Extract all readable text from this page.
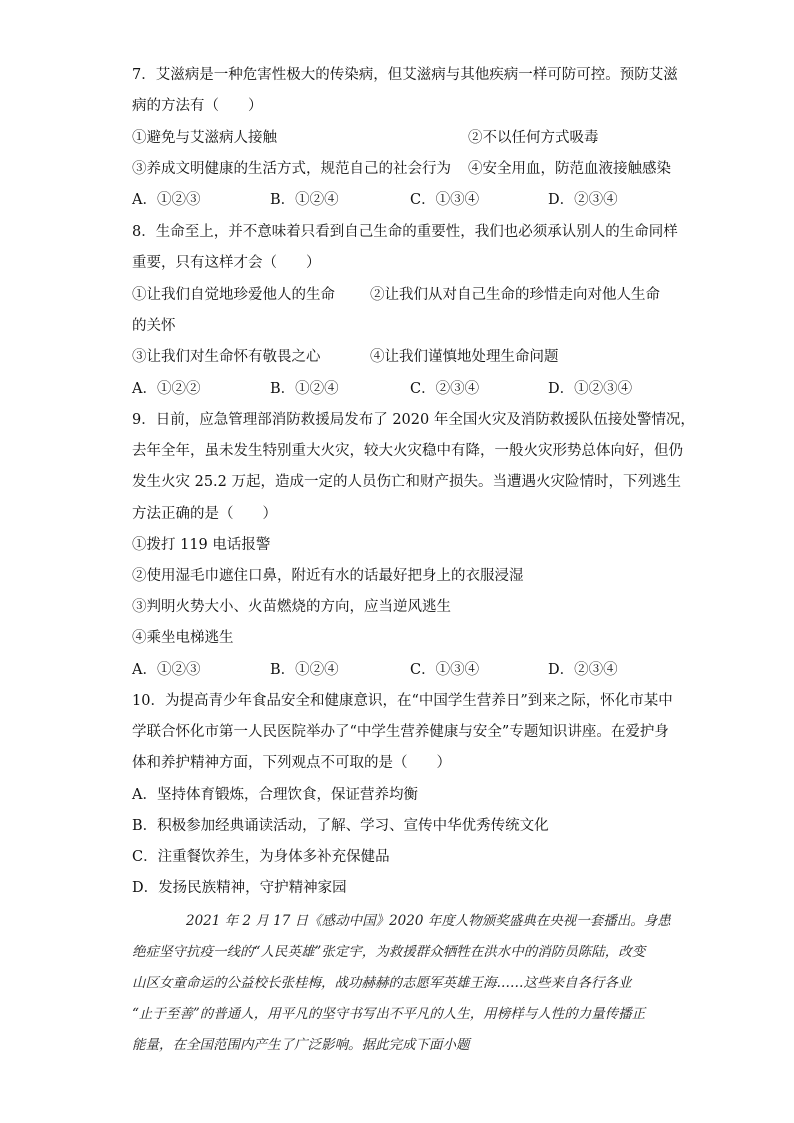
7．艾滋病是一种危害性极大的传染病，但艾滋病与其他疾病一样可防可控。预防艾滋
病的方法有（　　）
①避免与艾滋病人接触	②不以任何方式吸毒
③养成文明健康的生活方式，规范自己的社会行为 ④安全用血，防范血液接触感染
A．①②③	B．①②④	C．①③④	D．②③④
8．生命至上，并不意味着只看到自己生命的重要性，我们也必须承认别人的生命同样
重要，只有这样才会（　　）
①让我们自觉地珍爱他人的生命 ②让我们从对自己生命的珍惜走向对他人生命
的关怀
③让我们对生命怀有敬畏之心	④让我们谨慎地处理生命问题
A．①②②	B．①②④	C．②③④	D．①②③④
9．日前，应急管理部消防救援局发布了 2020 年全国火灾及消防救援队伍接处警情况，
去年全年，虽未发生特别重大火灾，较大火灾稳中有降，一般火灾形势总体向好，但仍
发生火灾 25.2 万起，造成一定的人员伤亡和财产损失。当遭遇火灾险情时，下列逃生
方法正确的是（　　）
①拨打 119 电话报警
②使用湿毛巾遮住口鼻，附近有水的话最好把身上的衣服浸湿
③判明火势大小、火苗燃烧的方向，应当逆风逃生
④乘坐电梯逃生
A．①②③	B．①②④	C．①③④	D．②③④
10．为提高青少年食品安全和健康意识，在“中国学生营养日”到来之际，怀化市某中
学联合怀化市第一人民医院举办了“中学生营养健康与安全”专题知识讲座。在爱护身
体和养护精神方面，下列观点不可取的是（　　）
A．坚持体育锻炼，合理饮食，保证营养均衡
B．积极参加经典诵读活动，了解、学习、宣传中华优秀传统文化
C．注重餐饮养生，为身体多补充保健品
D．发扬民族精神，守护精神家园
2021 年 2 月 17 日《感动中国》2020 年度人物颁奖盛典在央视一套播出。身患
绝症坚守抗疫一线的“人民英雄”张定宇，为救援群众牺牲在洪水中的消防员陈陆，改变
山区女童命运的公益校长张桂梅，战功赫赫的志愿军英雄王海……这些来自各行各业
“止于至善”的普通人，用平凡的坚守书写出不平凡的人生，用榜样与人性的力量传播正
能量，在全国范围内产生了广泛影响。据此完成下面小题
